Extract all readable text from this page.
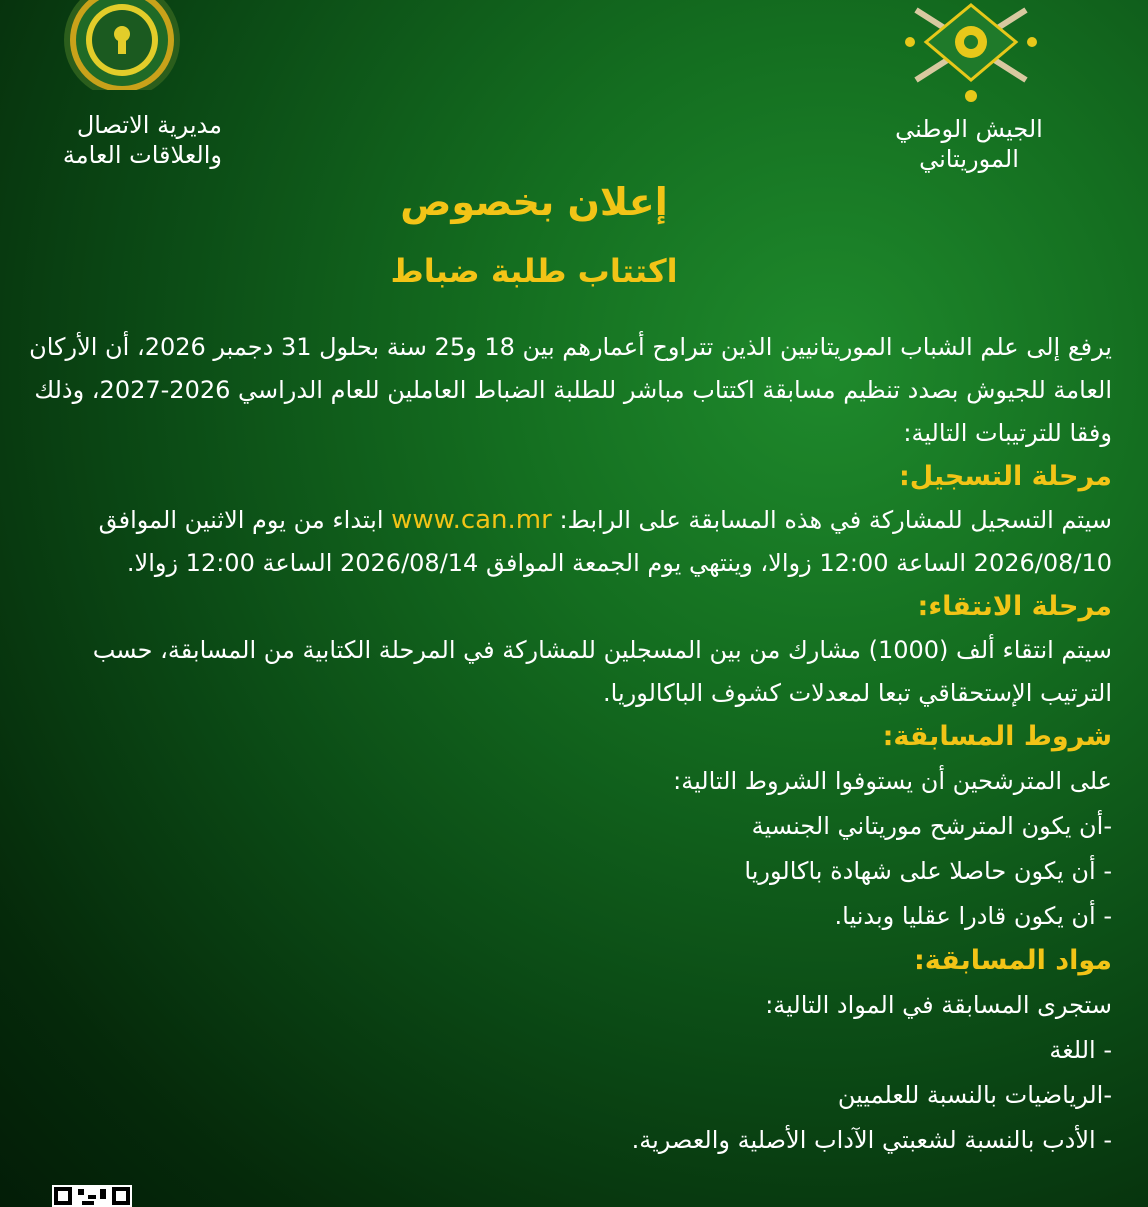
مديرية الاتصال
والعلاقات العامة
الجيش الوطني
الموريتاني
إعلان بخصوص
اكتتاب طلبة ضباط

يرفع إلى علم الشباب الموريتانيين الذين تتراوح أعمارهم بين 18 و25 سنة بحلول 31 دجمبر 2026، أن الأركان العامة للجيوش بصدد تنظيم مسابقة اكتتاب مباشر للطلبة الضباط العاملين للعام الدراسي 2026-2027، وذلك وفقا للترتيبات التالية:

مرحلة التسجيل:

سيتم التسجيل للمشاركة في هذه المسابقة على الرابط: www.can.mr ابتداء من يوم الاثنين الموافق 2026/08/10 الساعة 12:00 زوالا، وينتهي يوم الجمعة الموافق 2026/08/14 الساعة 12:00 زوالا.

مرحلة الانتقاء:

سيتم انتقاء ألف (1000) مشارك من بين المسجلين للمشاركة في المرحلة الكتابية من المسابقة، حسب الترتيب الإستحقاقي تبعا لمعدلات كشوف الباكالوريا.

شروط المسابقة:

على المترشحين أن يستوفوا الشروط التالية:

-أن يكون المترشح موريتاني الجنسية

- أن يكون حاصلا على شهادة باكالوريا

- أن يكون قادرا عقليا وبدنيا.

مواد المسابقة:

ستجرى المسابقة في المواد التالية:

- اللغة

-الرياضيات بالنسبة للعلميين

- الأدب بالنسبة لشعبتي الآداب الأصلية والعصرية.
